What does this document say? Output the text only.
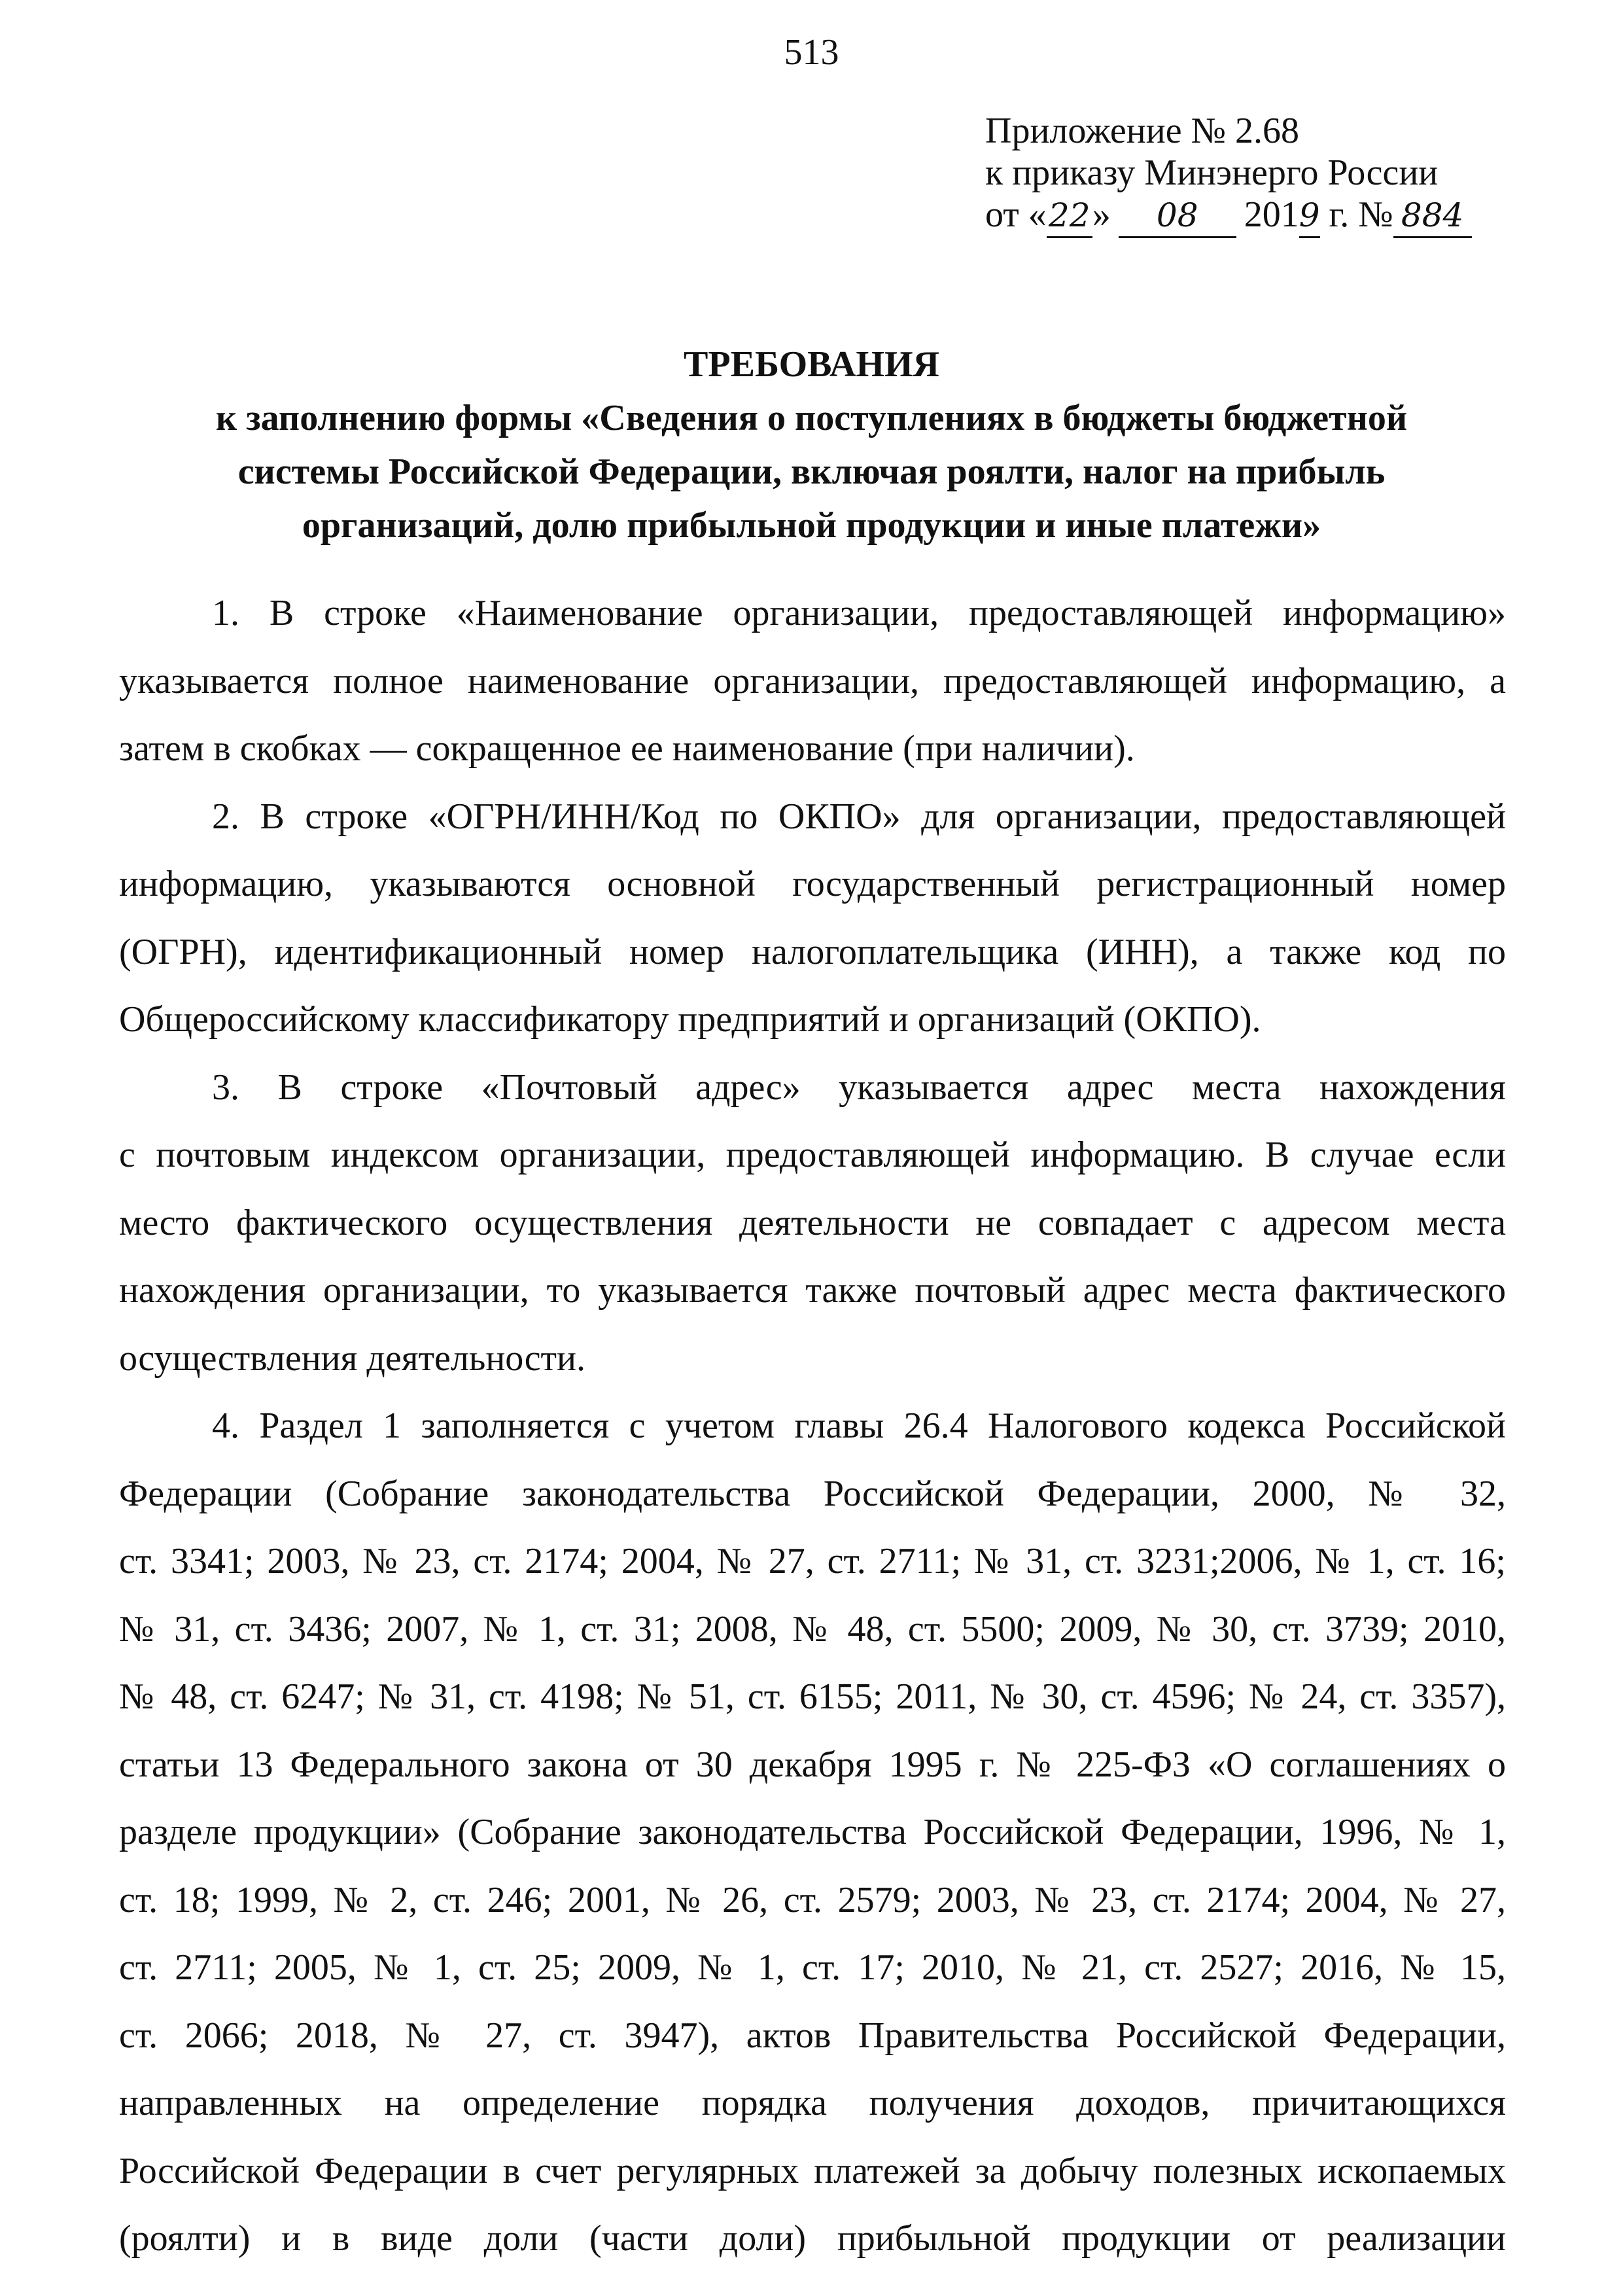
513
Приложение № 2.68
к приказу Минэнерго России
от «22» 08 2019 г. № 884
ТРЕБОВАНИЯ
к заполнению формы «Сведения о поступлениях в бюджеты бюджетной
системы Российской Федерации, включая роялти, налог на прибыль
организаций, долю прибыльной продукции и иные платежи»
1. В строке «Наименование организации, предоставляющей информацию»
указывается полное наименование организации, предоставляющей информацию, а
затем в скобках — сокращенное ее наименование (при наличии).
2. В строке «ОГРН/ИНН/Код по ОКПО» для организации, предоставляющей
информацию, указываются основной государственный регистрационный номер
(ОГРН), идентификационный номер налогоплательщика (ИНН), а также код по
Общероссийскому классификатору предприятий и организаций (ОКПО).
3. В строке «Почтовый адрес» указывается адрес места нахождения
с почтовым индексом организации, предоставляющей информацию. В случае если
место фактического осуществления деятельности не совпадает с адресом места
нахождения организации, то указывается также почтовый адрес места фактического
осуществления деятельности.
4. Раздел 1 заполняется с учетом главы 26.4 Налогового кодекса Российской
Федерации (Собрание законодательства Российской Федерации, 2000, № 32,
ст. 3341; 2003, № 23, ст. 2174; 2004, № 27, ст. 2711; № 31, ст. 3231;2006, № 1, ст. 16;
№ 31, ст. 3436; 2007, № 1, ст. 31; 2008, № 48, ст. 5500; 2009, № 30, ст. 3739; 2010,
№ 48, ст. 6247; № 31, ст. 4198; № 51, ст. 6155; 2011, № 30, ст. 4596; № 24, ст. 3357),
статьи 13 Федерального закона от 30 декабря 1995 г. № 225-ФЗ «О соглашениях о
разделе продукции» (Собрание законодательства Российской Федерации, 1996, № 1,
ст. 18; 1999, № 2, ст. 246; 2001, № 26, ст. 2579; 2003, № 23, ст. 2174; 2004, № 27,
ст. 2711; 2005, № 1, ст. 25; 2009, № 1, ст. 17; 2010, № 21, ст. 2527; 2016, № 15,
ст. 2066; 2018, № 27, ст. 3947), актов Правительства Российской Федерации,
направленных на определение порядка получения доходов, причитающихся
Российской Федерации в счет регулярных платежей за добычу полезных ископаемых
(роялти) и в виде доли (части доли) прибыльной продукции от реализации
